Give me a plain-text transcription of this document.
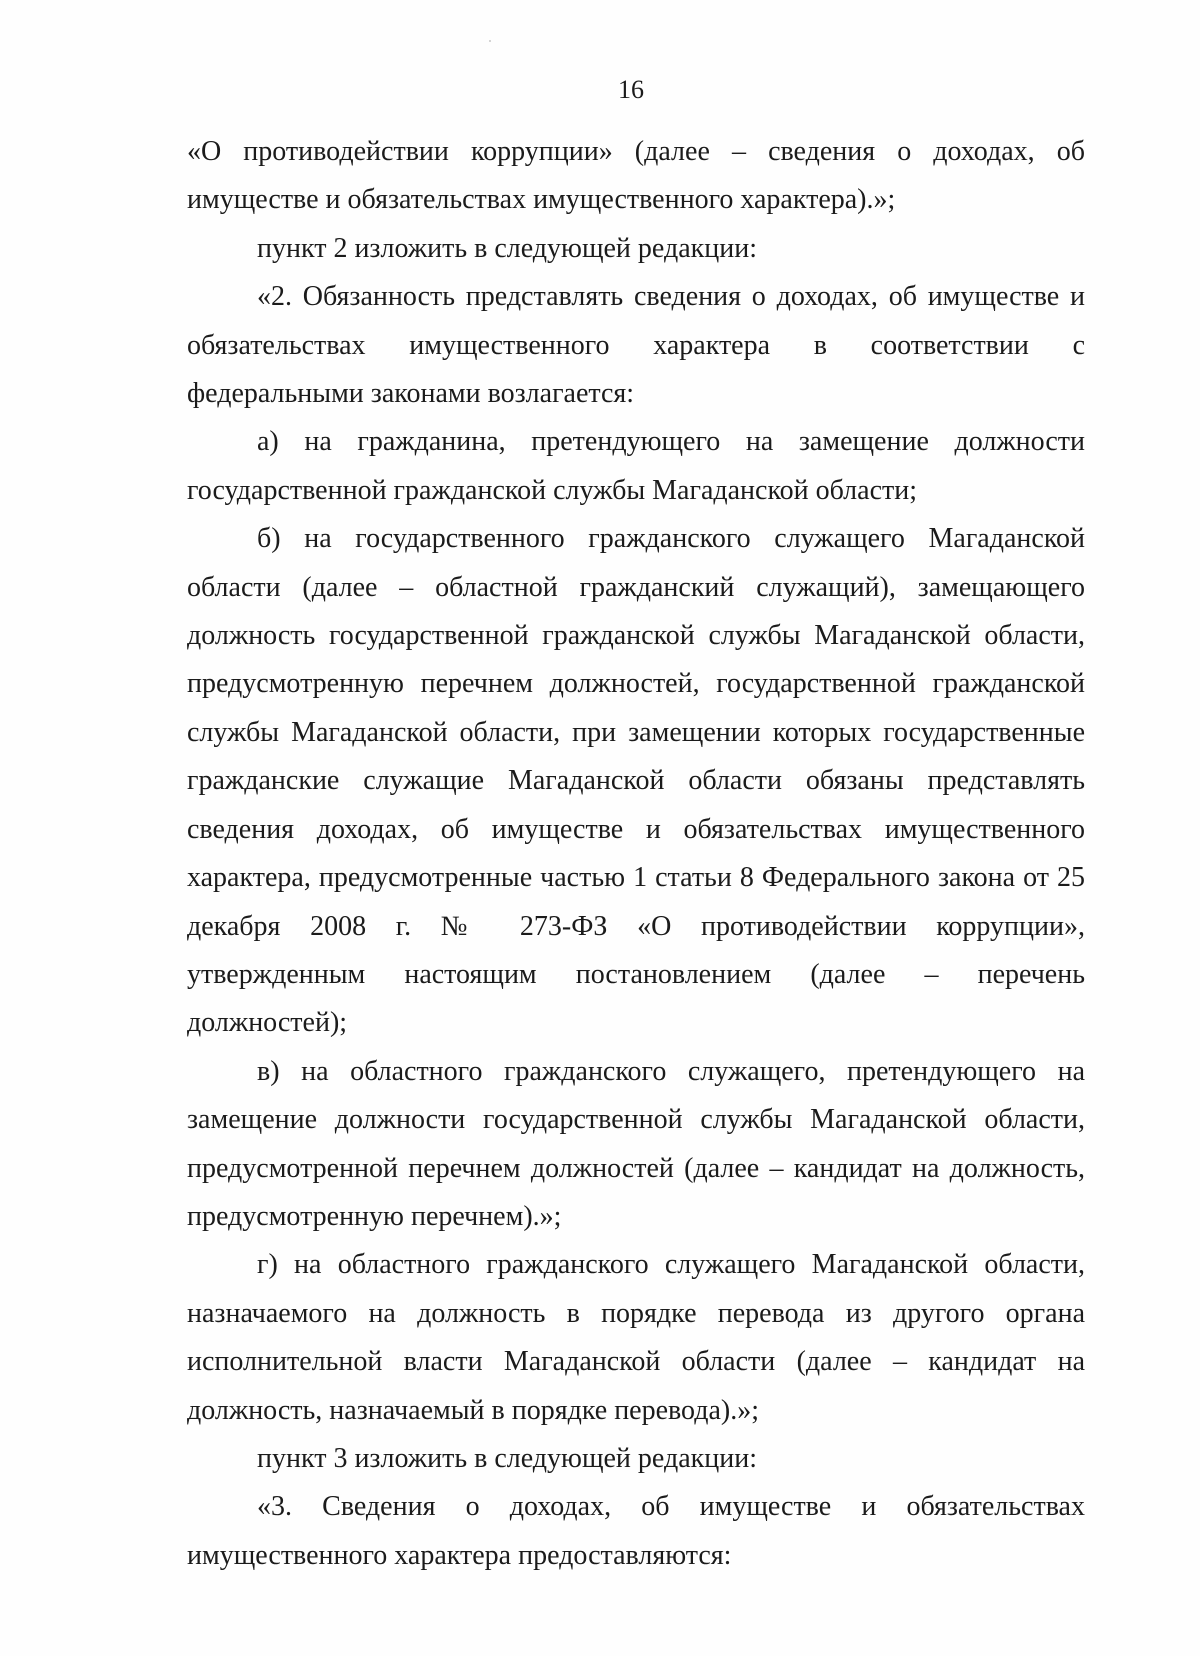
16

«О противодействии коррупции» (далее – сведения о доходах, об имуществе и обязательствах имущественного характера).»;

пункт 2 изложить в следующей редакции:

«2. Обязанность представлять сведения о доходах, об имуществе и обязательствах имущественного характера в соответствии с федеральными законами возлагается:

а) на гражданина, претендующего на замещение должности государственной гражданской службы Магаданской области;

б) на государственного гражданского служащего Магаданской области (далее – областной гражданский служащий), замещающего должность государственной гражданской службы Магаданской области, предусмотренную перечнем должностей, государственной гражданской службы Магаданской области, при замещении которых государственные гражданские служащие Магаданской области обязаны представлять сведения доходах, об имуществе и обязательствах имущественного характера, предусмотренные частью 1 статьи 8 Федерального закона от 25 декабря 2008 г. № 273-ФЗ «О противодействии коррупции», утвержденным настоящим постановлением (далее – перечень должностей);

в) на областного гражданского служащего, претендующего на замещение должности государственной службы Магаданской области, предусмотренной перечнем должностей (далее – кандидат на должность, предусмотренную перечнем).»;

г) на областного гражданского служащего Магаданской области, назначаемого на должность в порядке перевода из другого органа исполнительной власти Магаданской области (далее – кандидат на должность, назначаемый в порядке перевода).»;

пункт 3 изложить в следующей редакции:

«3. Сведения о доходах, об имуществе и обязательствах имущественного характера предоставляются:
